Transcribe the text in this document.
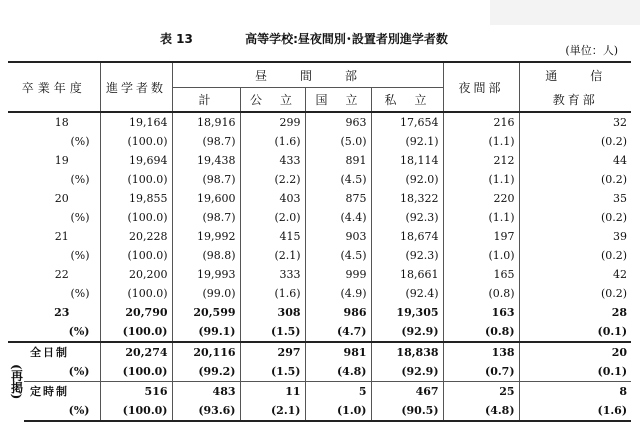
表 13	高等学校:昼夜間別･設置者別進学者数
(単位：人)
卒業年度		進学者数	昼　　間　　部				夜間部	通　　信
			計	公　立	国　立	私　立		教育部
	18	19,164	18,916	299	963	17,654	216	32
	(%)	(100.0)	(98.7)	(1.6)	(5.0)	(92.1)	(1.1)	(0.2)
	19	19,694	19,438	433	891	18,114	212	44
	(%)	(100.0)	(98.7)	(2.2)	(4.5)	(92.0)	(1.1)	(0.2)
	20	19,855	19,600	403	875	18,322	220	35
	(%)	(100.0)	(98.7)	(2.0)	(4.4)	(92.3)	(1.1)	(0.2)
	21	20,228	19,992	415	903	18,674	197	39
	(%)	(100.0)	(98.8)	(2.1)	(4.5)	(92.3)	(1.0)	(0.2)
	22	20,200	19,993	333	999	18,661	165	42
	(%)	(100.0)	(99.0)	(1.6)	(4.9)	(92.4)	(0.8)	(0.2)
	23	20,790	20,599	308	986	19,305	163	28
	(%)	(100.0)	(99.1)	(1.5)	(4.7)	(92.9)	(0.8)	(0.1)
(再掲)	全日制	20,274	20,116	297	981	18,838	138	20
	(%)	(100.0)	(99.2)	(1.5)	(4.8)	(92.9)	(0.7)	(0.1)
	定時制	516	483	11	5	467	25	8
	(%)	(100.0)	(93.6)	(2.1)	(1.0)	(90.5)	(4.8)	(1.6)
